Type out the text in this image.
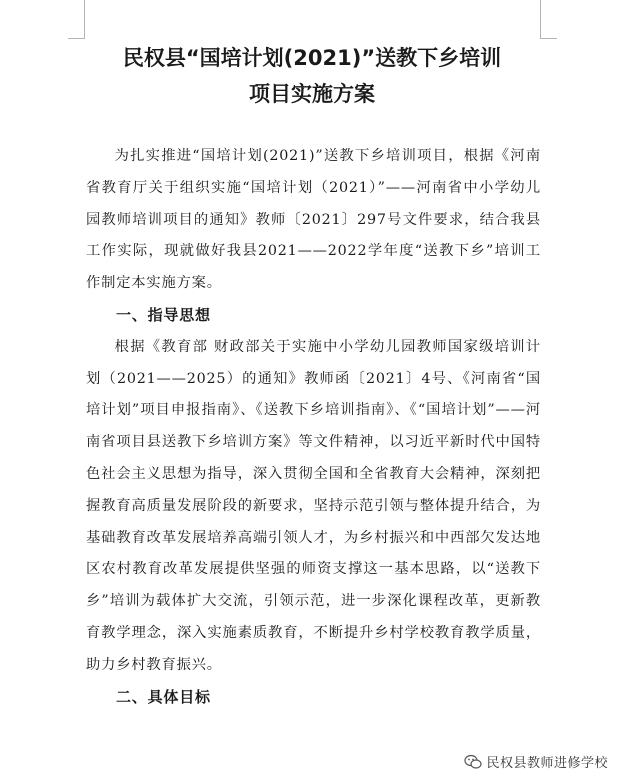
民权县“国培计划(2021)”送教下乡培训
项目实施方案

为扎实推进“国培计划(2021)”送教下乡培训项目，根据《河南省教育厅关于组织实施“国培计划（2021）”——河南省中小学幼儿园教师培训项目的通知》教师〔2021〕297号文件要求，结合我县工作实际，现就做好我县2021——2022学年度“送教下乡”培训工作制定本实施方案。

一、指导思想

根据《教育部 财政部关于实施中小学幼儿园教师国家级培训计划（2021——2025）的通知》教师函〔2021〕4号、《河南省“国培计划”项目申报指南》、《送教下乡培训指南》、《“国培计划”——河南省项目县送教下乡培训方案》等文件精神，以习近平新时代中国特色社会主义思想为指导，深入贯彻全国和全省教育大会精神，深刻把握教育高质量发展阶段的新要求，坚持示范引领与整体提升结合，为基础教育改革发展培养高端引领人才，为乡村振兴和中西部欠发达地区农村教育改革发展提供坚强的师资支撑这一基本思路，以“送教下乡”培训为载体扩大交流，引领示范，进一步深化课程改革，更新教育教学理念，深入实施素质教育，不断提升乡村学校教育教学质量，助力乡村教育振兴。

二、具体目标
民权县教师进修学校
